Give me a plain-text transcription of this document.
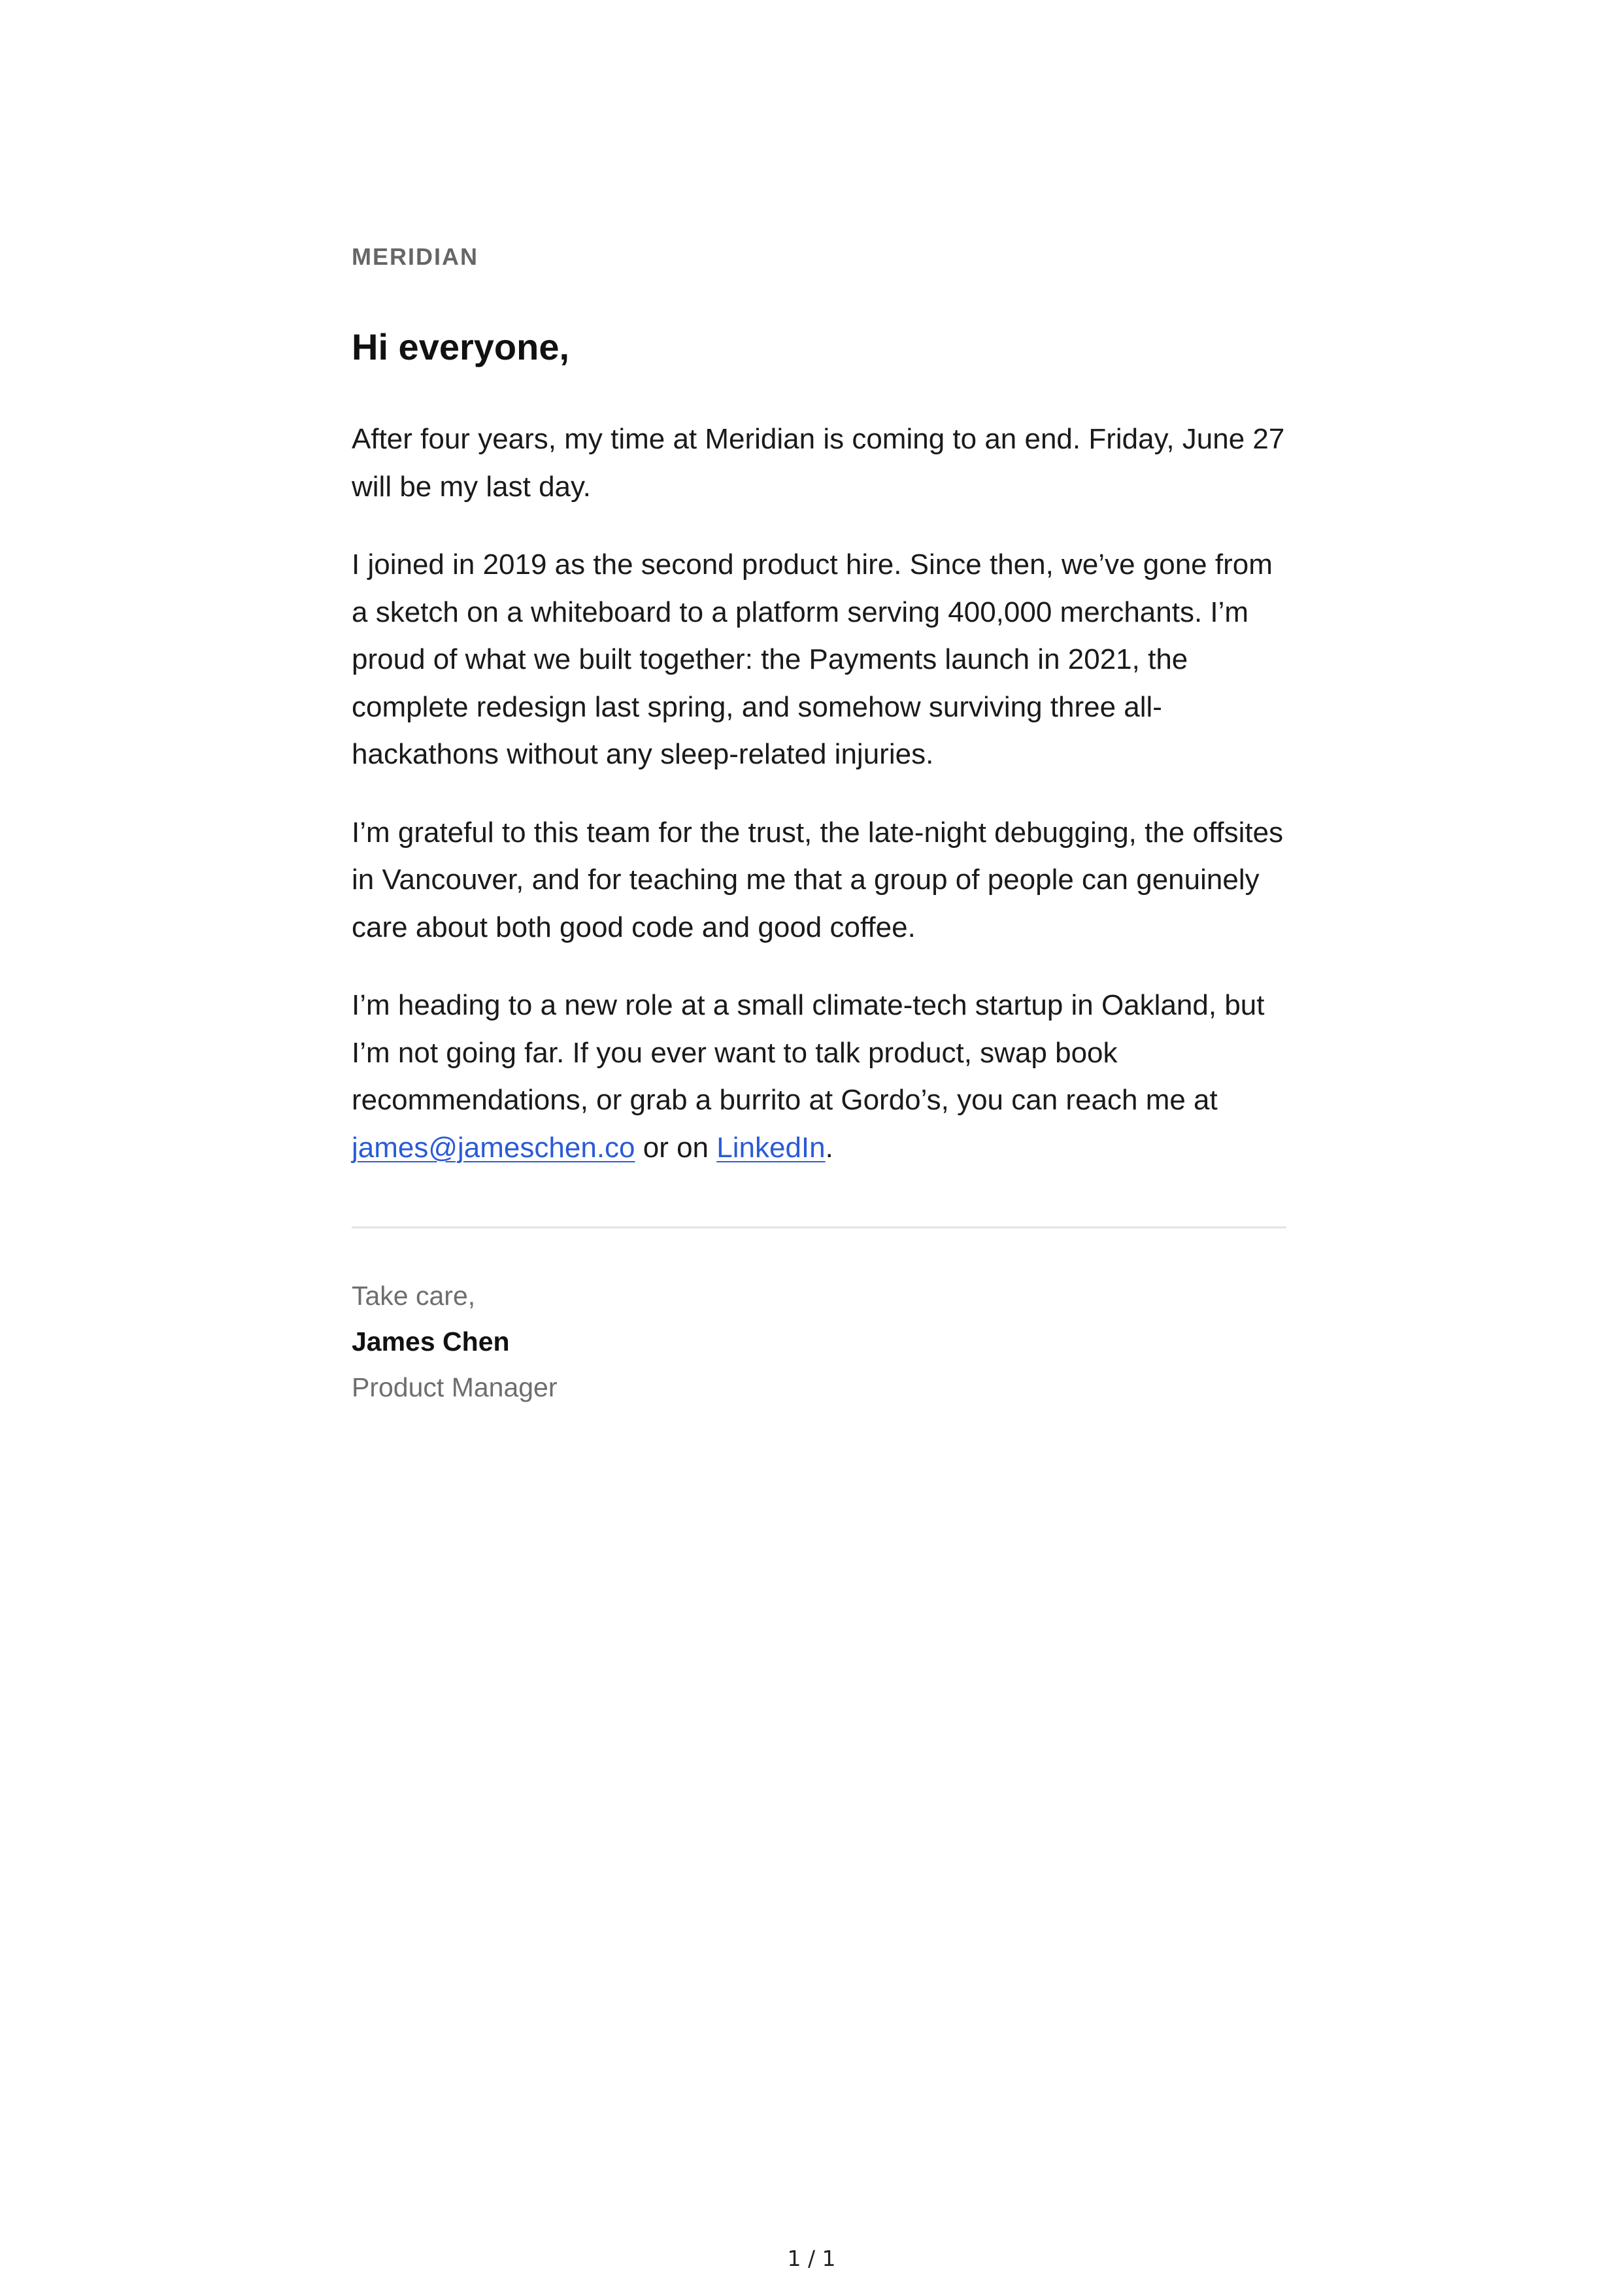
MERIDIAN
Hi everyone,

After four years, my time at Meridian is coming to an end. Friday, June 27 will be my last day.

I joined in 2019 as the second product hire. Since then, we’ve gone from a sketch on a whiteboard to a platform serving 400,000 merchants. I’m proud of what we built together: the Payments launch in 2021, the complete redesign last spring, and somehow surviving three all-hackathons without any sleep-related injuries.

I’m grateful to this team for the trust, the late-night debugging, the offsites in Vancouver, and for teaching me that a group of people can genuinely care about both good code and good coffee.

I’m heading to a new role at a small climate-tech startup in Oakland, but I’m not going far. If you ever want to talk product, swap book recommendations, or grab a burrito at Gordo’s, you can reach me at james@jameschen.co or on LinkedIn.

Take care,
James Chen
Product Manager
1 / 1
